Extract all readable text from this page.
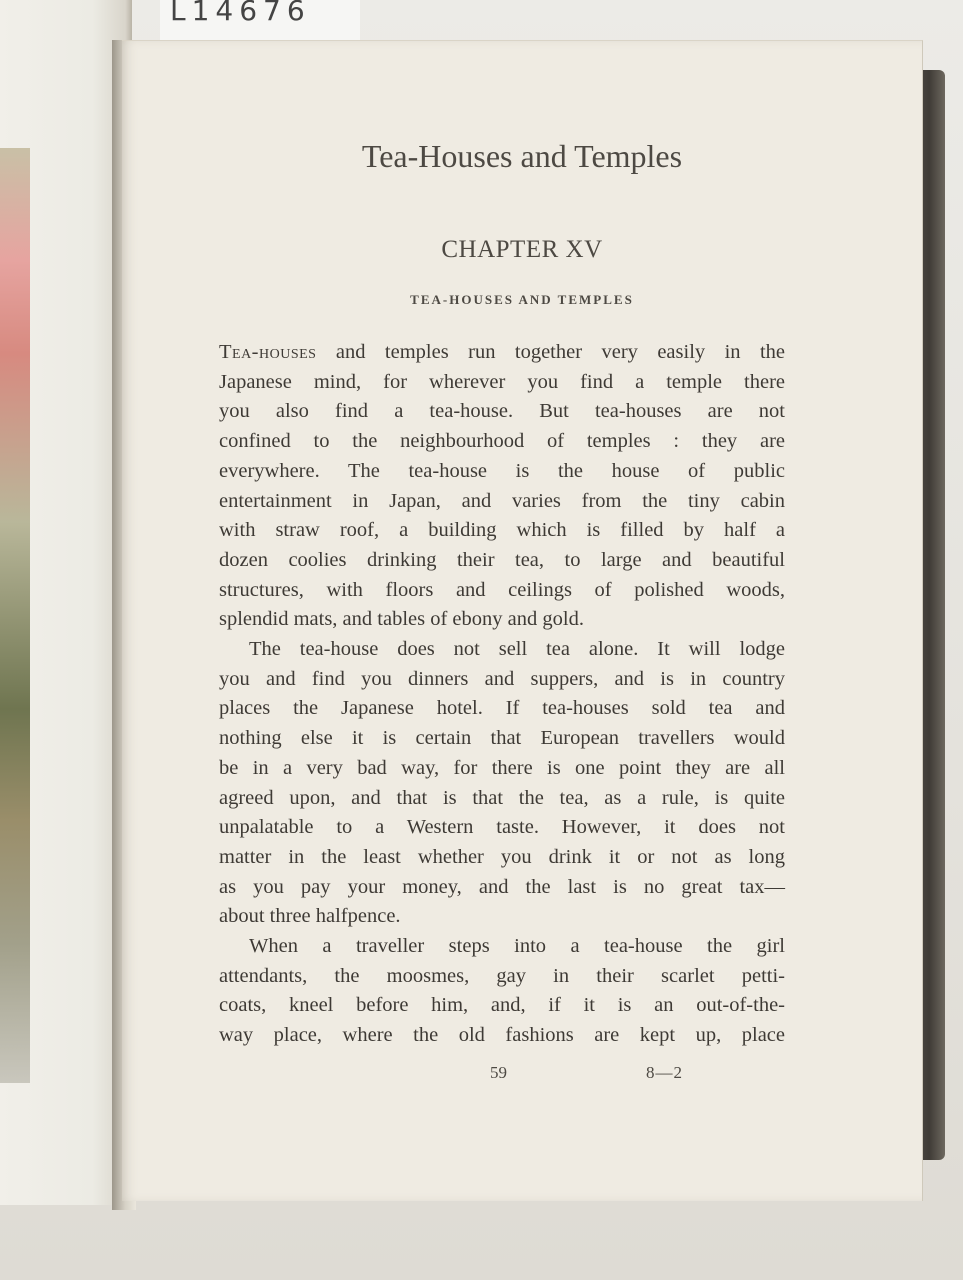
L14676
Tea-Houses and Temples
CHAPTER XV
TEA-HOUSES AND TEMPLES
Tea-houses and temples run together very easily in the
Japanese mind, for wherever you find a temple there
you also find a tea-house. But tea-houses are not
confined to the neighbourhood of temples : they are
everywhere. The tea-house is the house of public
entertainment in Japan, and varies from the tiny cabin
with straw roof, a building which is filled by half a
dozen coolies drinking their tea, to large and beautiful
structures, with floors and ceilings of polished woods,
splendid mats, and tables of ebony and gold.
The tea-house does not sell tea alone. It will lodge
you and find you dinners and suppers, and is in country
places the Japanese hotel. If tea-houses sold tea and
nothing else it is certain that European travellers would
be in a very bad way, for there is one point they are all
agreed upon, and that is that the tea, as a rule, is quite
unpalatable to a Western taste. However, it does not
matter in the least whether you drink it or not as long
as you pay your money, and the last is no great tax—
about three halfpence.
When a traveller steps into a tea-house the girl
attendants, the moosmes, gay in their scarlet petti-
coats, kneel before him, and, if it is an out-of-the-
way place, where the old fashions are kept up, place
59	8—2
